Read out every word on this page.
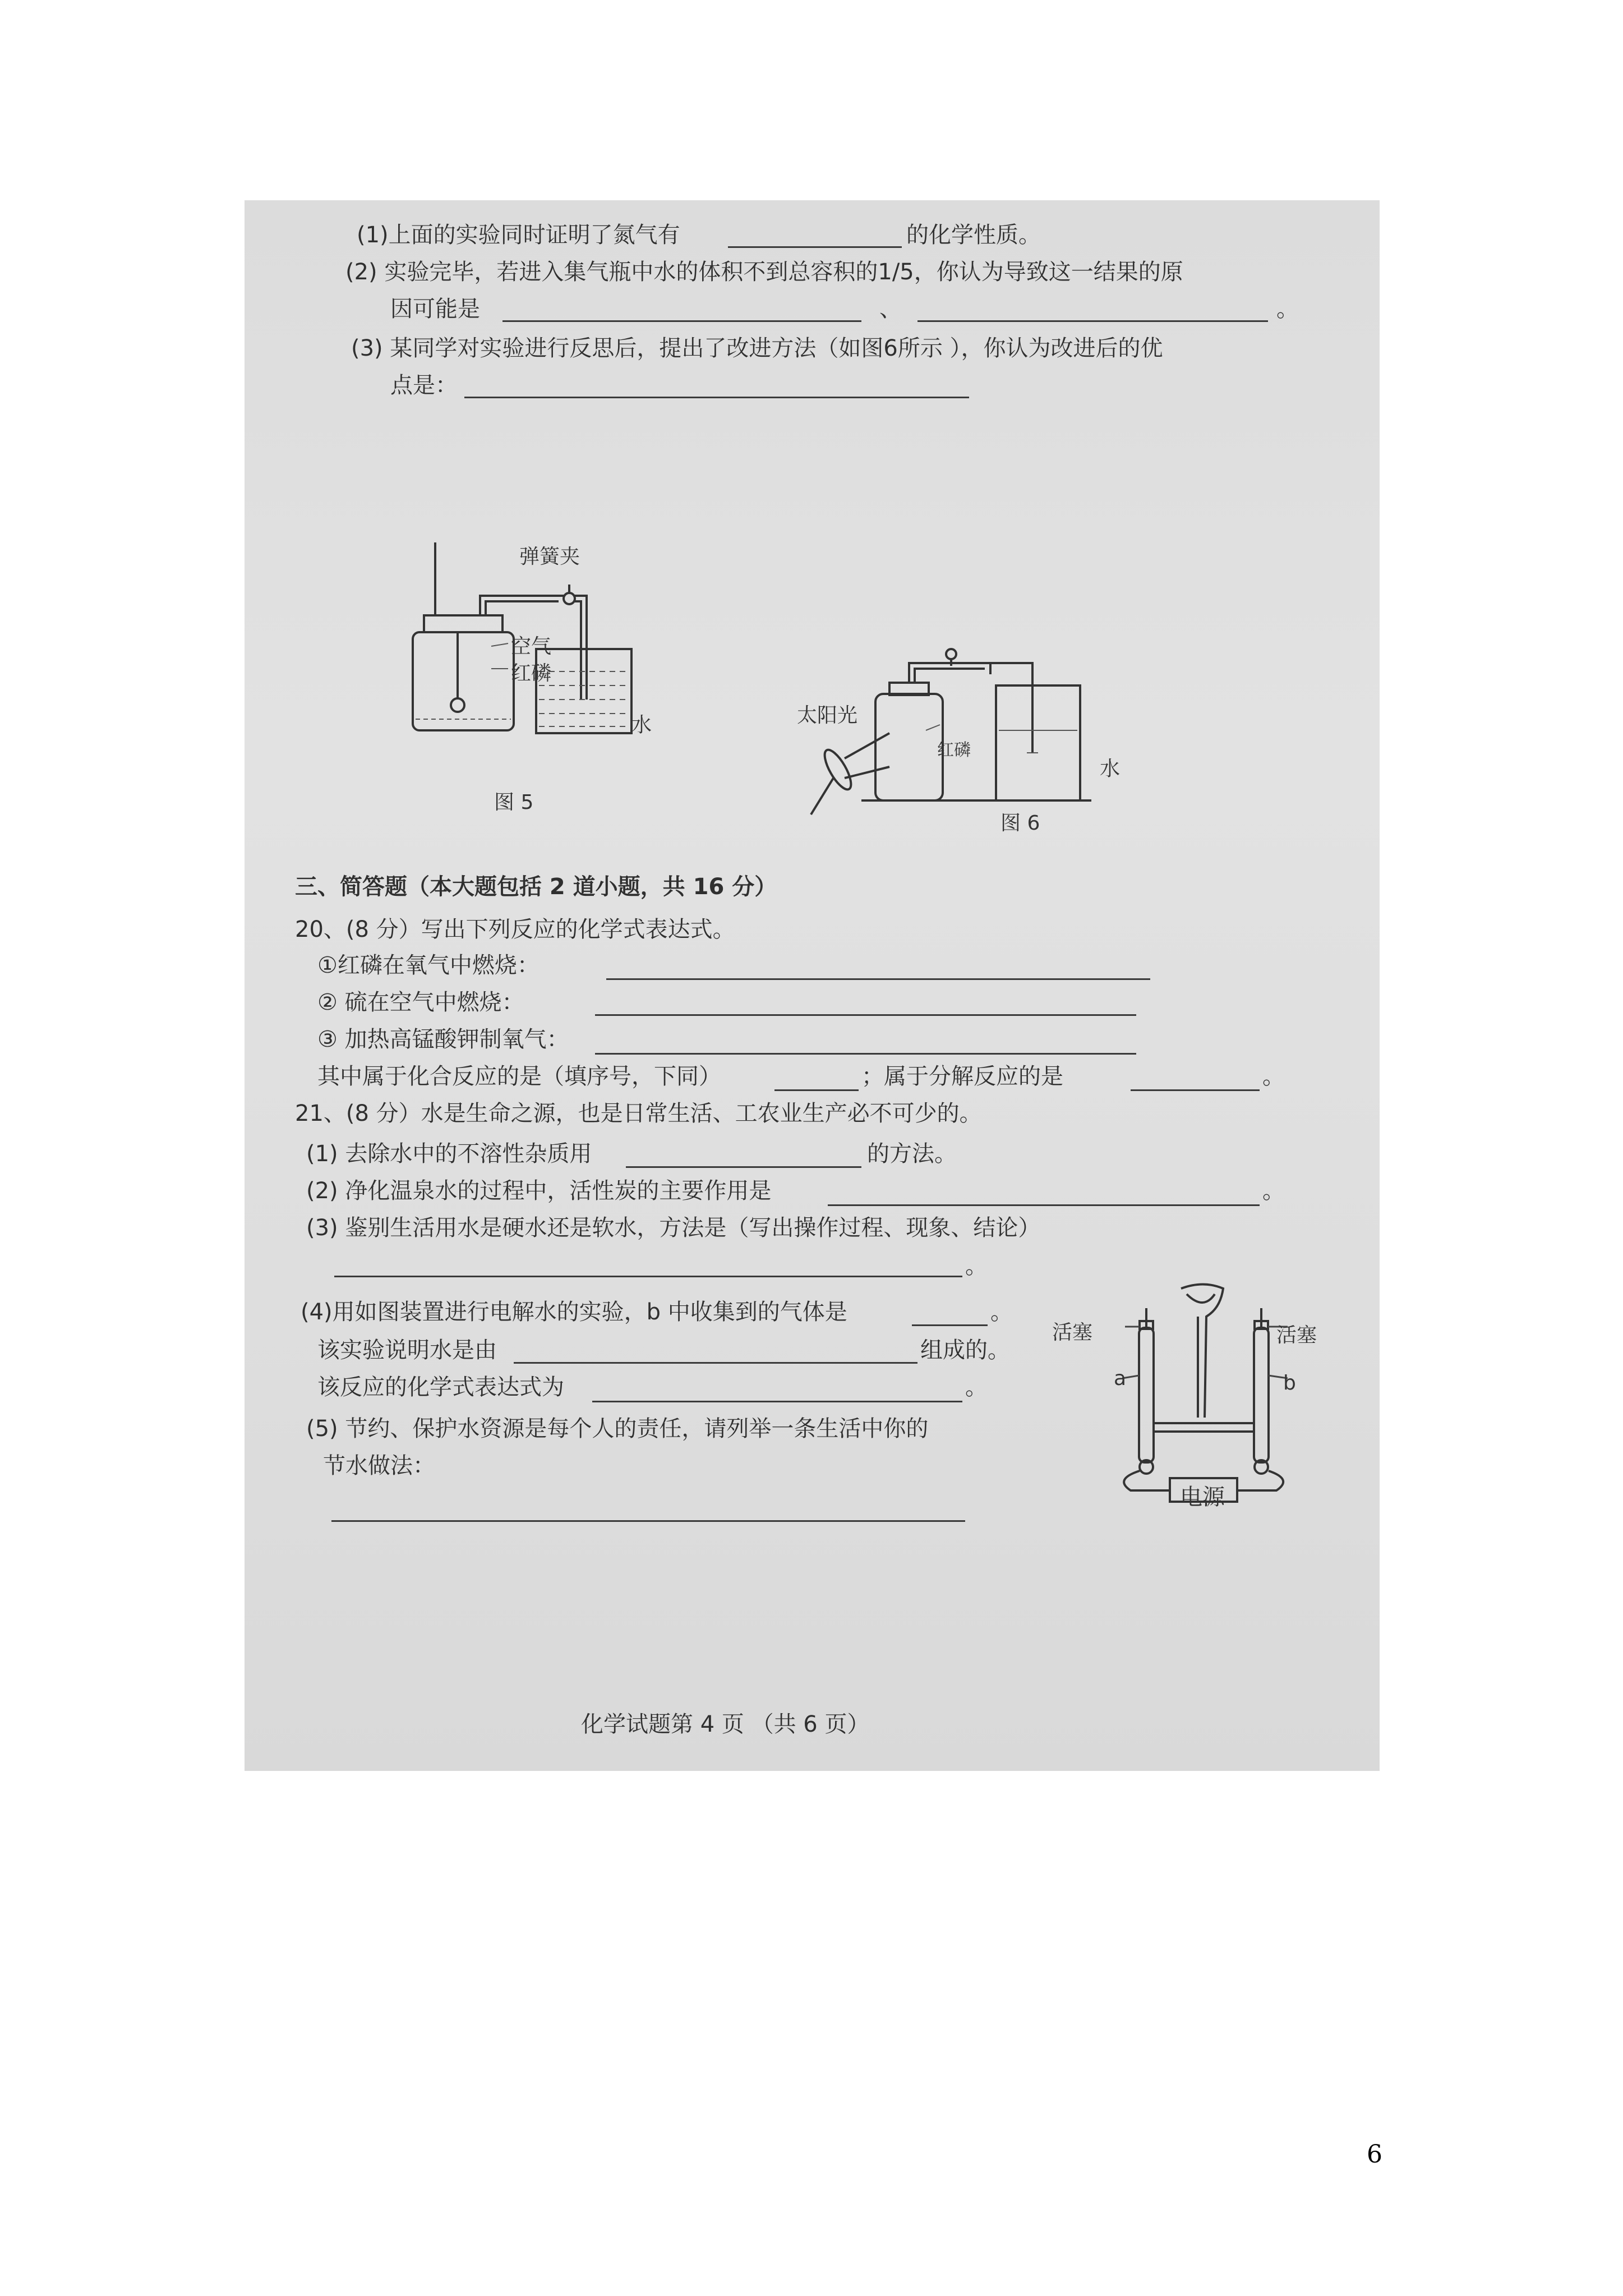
(1)上面的实验同时证明了氮气有	的化学性质。
(2) 实验完毕，若进入集气瓶中水的体积不到总容积的1/5，你认为导致这一结果的原
因可能是	、	。
(3) 某同学对实验进行反思后，提出了改进方法（如图6所示 ），你认为改进后的优
点是：
弹簧夹
空气
红磷
水
图 5
太阳光
红磷
水
图 6
三、简答题（本大题包括 2 道小题，共 16 分）
20、(8 分）写出下列反应的化学式表达式。
①红磷在氧气中燃烧：
② 硫在空气中燃烧：
③ 加热高锰酸钾制氧气：
其中属于化合反应的是（填序号，下同）	；属于分解反应的是	。
21、(8 分）水是生命之源，也是日常生活、工农业生产必不可少的。
(1) 去除水中的不溶性杂质用	的方法。
(2) 净化温泉水的过程中，活性炭的主要作用是	。
(3) 鉴别生活用水是硬水还是软水，方法是（写出操作过程、现象、结论）
。
(4)用如图装置进行电解水的实验，b 中收集到的气体是	。
该实验说明水是由	组成的。
该反应的化学式表达式为	。
(5) 节约、保护水资源是每个人的责任，请列举一条生活中你的
节水做法：
活塞	活塞
a	b
电源
化学试题第 4 页 （共 6 页）
6
